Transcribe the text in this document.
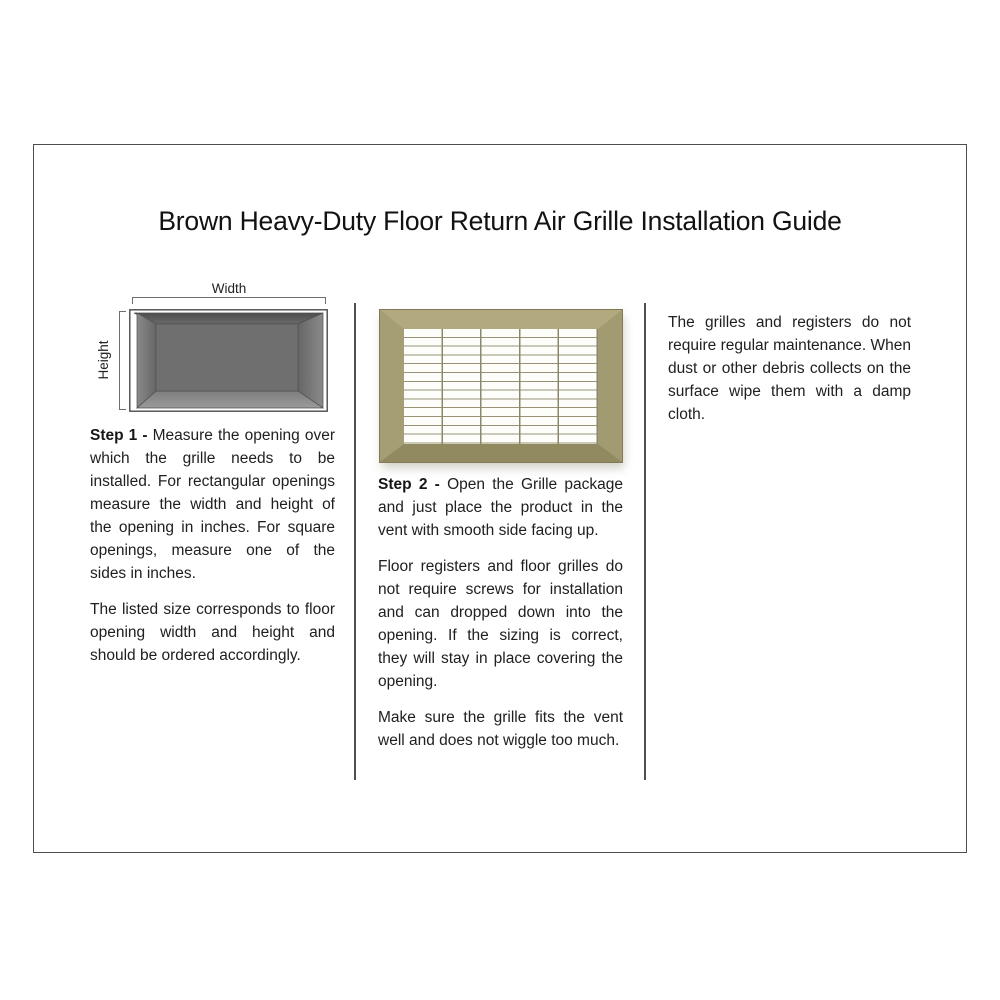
Brown Heavy-Duty Floor Return Air Grille Installation Guide
Width
Height

Step 1 - Measure the opening over which the grille needs to be installed. For rectangular openings measure the width and height of the opening in inches. For square openings, measure one of the sides in inches.

The listed size corresponds to floor opening width and height and should be ordered accordingly.

Step 2 - Open the Grille package and just place the product in the vent with smooth side facing up.

Floor registers and floor grilles do not require screws for installation and can dropped down into the opening. If the sizing is correct, they will stay in place covering the opening.

Make sure the grille fits the vent well and does not wiggle too much.

The grilles and registers do not require regular maintenance. When dust or other debris collects on the surface wipe them with a damp cloth.
